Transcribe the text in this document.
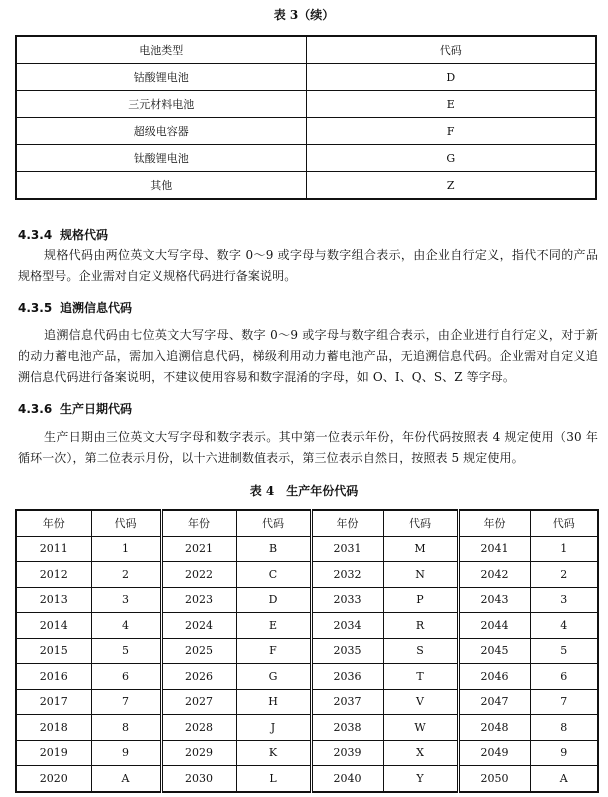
表 3（续）
电池类型	代码
钴酸锂电池	D
三元材料电池	E
超级电容器	F
钛酸锂电池	G
其他	Z
4.3.4 规格代码

规格代码由两位英文大写字母、数字 0～9 或字母与数字组合表示，由企业自行定义，指代不同的产品规格型号。企业需对自定义规格代码进行备案说明。

4.3.5 追溯信息代码

追溯信息代码由七位英文大写字母、数字 0～9 或字母与数字组合表示，由企业进行自行定义，对于新的动力蓄电池产品，需加入追溯信息代码，梯级利用动力蓄电池产品，无追溯信息代码。企业需对自定义追溯信息代码进行备案说明，不建议使用容易和数字混淆的字母，如 O、I、Q、S、Z 等字母。

4.3.6 生产日期代码

生产日期由三位英文大写字母和数字表示。其中第一位表示年份，年份代码按照表 4 规定使用（30 年循环一次），第二位表示月份，以十六进制数值表示，第三位表示自然日，按照表 5 规定使用。

表 4　生产年份代码
年份	代码	年份	代码	年份	代码	年份	代码
2011	1	2021	B	2031	M	2041	1
2012	2	2022	C	2032	N	2042	2
2013	3	2023	D	2033	P	2043	3
2014	4	2024	E	2034	R	2044	4
2015	5	2025	F	2035	S	2045	5
2016	6	2026	G	2036	T	2046	6
2017	7	2027	H	2037	V	2047	7
2018	8	2028	J	2038	W	2048	8
2019	9	2029	K	2039	X	2049	9
2020	A	2030	L	2040	Y	2050	A
